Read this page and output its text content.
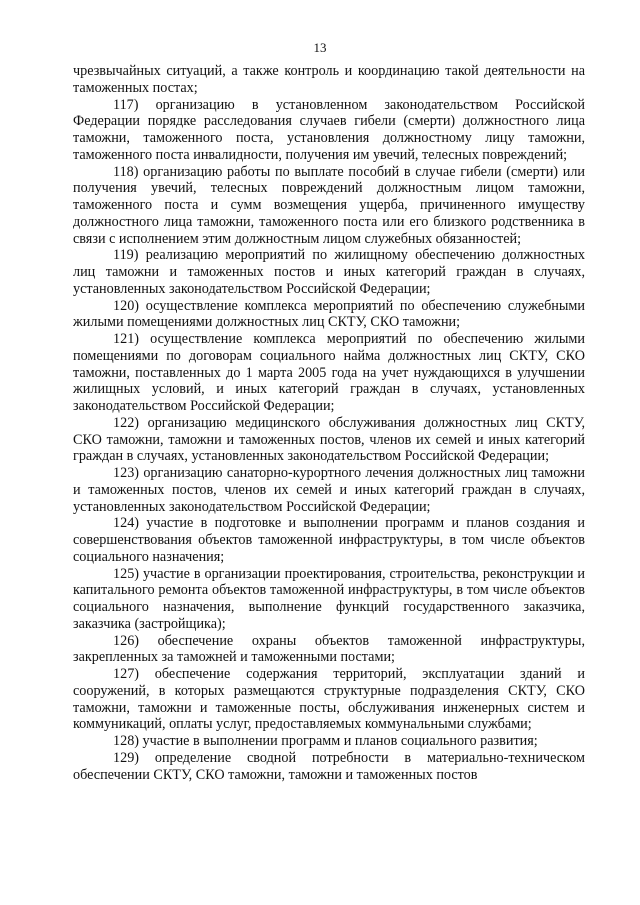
13

чрезвычайных ситуаций, а также контроль и координацию такой деятельности на таможенных постах;

117) организацию в установленном законодательством Российской Федерации порядке расследования случаев гибели (смерти) должностного лица таможни, таможенного поста, установления должностному лицу таможни, таможенного поста инвалидности, получения им увечий, телесных повреждений;

118) организацию работы по выплате пособий в случае гибели (смерти) или получения увечий, телесных повреждений должностным лицом таможни, таможенного поста и сумм возмещения ущерба, причиненного имуществу должностного лица таможни, таможенного поста или его близкого родственника в связи с исполнением этим должностным лицом служебных обязанностей;

119) реализацию мероприятий по жилищному обеспечению должностных лиц таможни и таможенных постов и иных категорий граждан в случаях, установленных законодательством Российской Федерации;

120) осуществление комплекса мероприятий по обеспечению служебными жилыми помещениями должностных лиц СКТУ, СКО таможни;

121) осуществление комплекса мероприятий по обеспечению жилыми помещениями по договорам социального найма должностных лиц СКТУ, СКО таможни, поставленных до 1 марта 2005 года на учет нуждающихся в улучшении жилищных условий, и иных категорий граждан в случаях, установленных законодательством Российской Федерации;

122) организацию медицинского обслуживания должностных лиц СКТУ, СКО таможни, таможни и таможенных постов, членов их семей и иных категорий граждан в случаях, установленных законодательством Российской Федерации;

123) организацию санаторно-курортного лечения должностных лиц таможни и таможенных постов, членов их семей и иных категорий граждан в случаях, установленных законодательством Российской Федерации;

124) участие в подготовке и выполнении программ и планов создания и совершенствования объектов таможенной инфраструктуры, в том числе объектов социального назначения;

125) участие в организации проектирования, строительства, реконструкции и капитального ремонта объектов таможенной инфраструктуры, в том числе объектов социального назначения, выполнение функций государственного заказчика, заказчика (застройщика);

126) обеспечение охраны объектов таможенной инфраструктуры, закрепленных за таможней и таможенными постами;

127) обеспечение содержания территорий, эксплуатации зданий и сооружений, в которых размещаются структурные подразделения СКТУ, СКО таможни, таможни и таможенные посты, обслуживания инженерных систем и коммуникаций, оплаты услуг, предоставляемых коммунальными службами;

128) участие в выполнении программ и планов социального развития;

129) определение сводной потребности в материально-техническом обеспечении СКТУ, СКО таможни, таможни и таможенных постов
